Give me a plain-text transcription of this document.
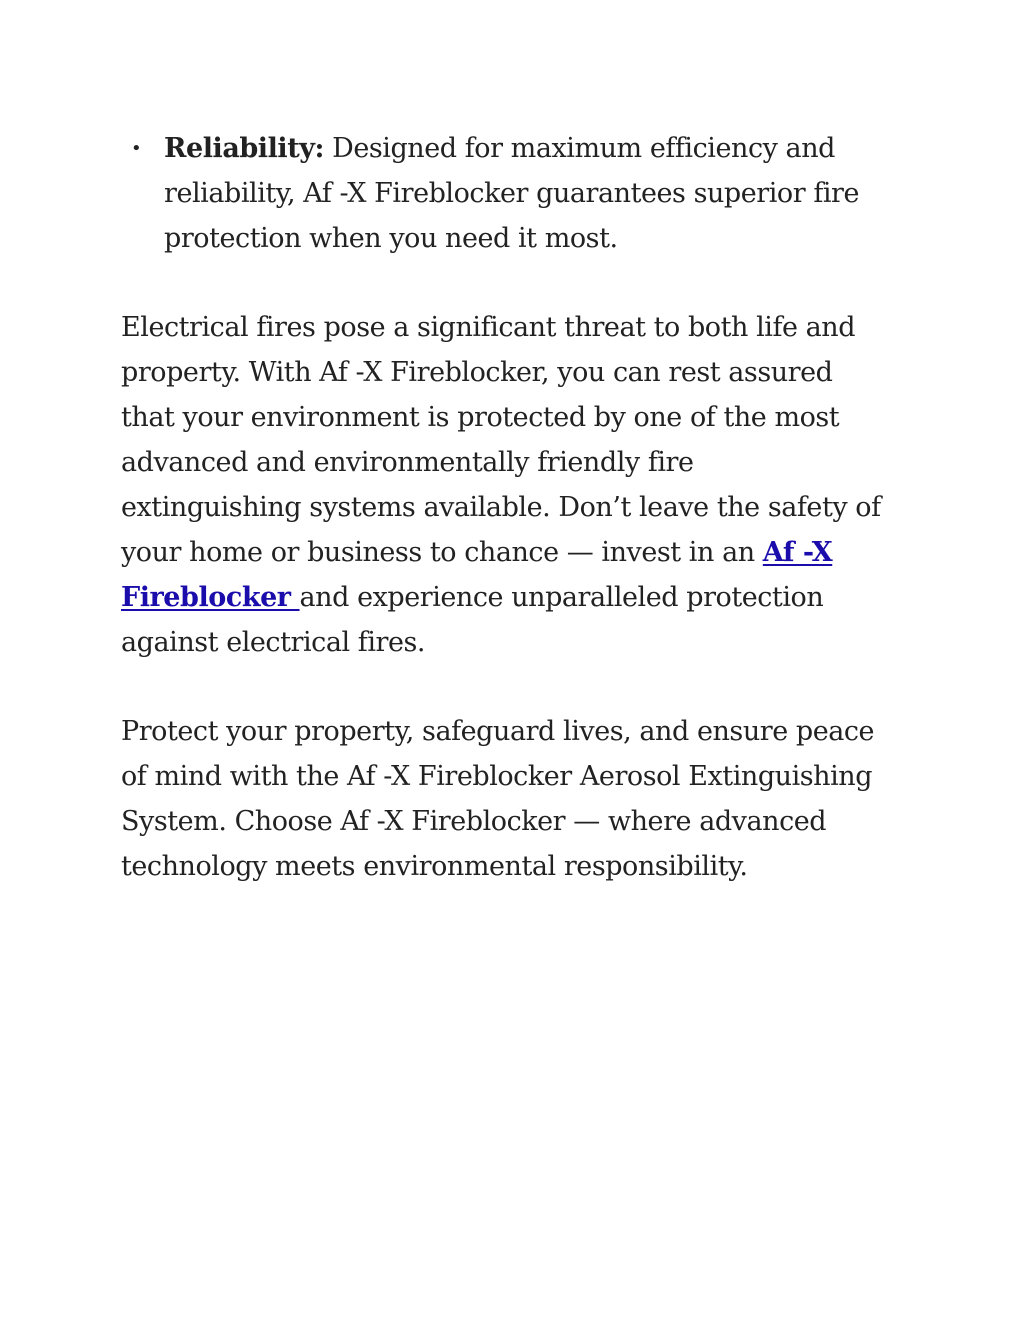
• Reliability: Designed for maximum efficiency and reliability, Af -X Fireblocker guarantees superior fire protection when you need it most.

Electrical fires pose a significant threat to both life and property. With Af -X Fireblocker, you can rest assured that your environment is protected by one of the most advanced and environmentally friendly fire extinguishing systems available. Don’t leave the safety of your home or business to chance — invest in an Af -X Fireblocker and experience unparalleled protection against electrical fires.

Protect your property, safeguard lives, and ensure peace of mind with the Af -X Fireblocker Aerosol Extinguishing System. Choose Af -X Fireblocker — where advanced technology meets environmental responsibility.
